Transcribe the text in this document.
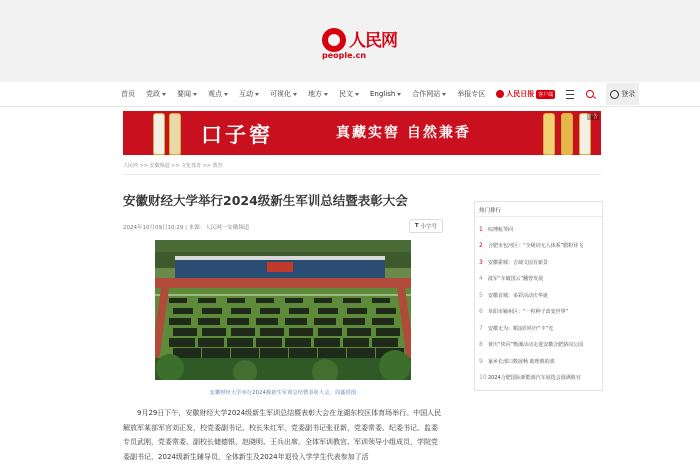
人民网
people.cn
首页 党政 要闻 观点 互动 可视化 地方 民文 English 合作网站 举报专区	人民日报 客户端	登录
口子窖	真藏实窖 自然兼香
广告
人民网 >> 安徽频道 >> 文化体育 >> 教育
安徽财经大学举行2024级新生军训总结暨表彰大会
2024年10月09日10:29 | 来源：人民网－安徽频道	T 小字号
安徽财经大学举行2024级新生军训总结暨表彰大会。周鑫供图
9月29日下午，安徽财经大学2024级新生军训总结暨表彰大会在龙湖东校区体育场举行。中国人民解放军某部军官刘正发，校党委副书记、校长朱红军，党委副书记张亚新，党委常委、纪委书记、监委专员武刚，党委常委、副校长储德银，赵晓明、王兵出席。全体军训教官、军训领导小组成员，学院党委副书记，2024级新生辅导员，全体新生及2024年退役入学学生代表参加了活
热门排行
1	综博航琴回
2	合肥市包河区：“全级词无人体系”腊粉待飞
3	安徽霍城：吉域文园有新景
4	波军“车破国云”翻曾发展
5	安徽首城：多彩活动庆华诞
6	阜阳市颍州区：“一粒种子改变世界”
7	安徽无为：稻浪织织疗“丰”光
8	黄庆“快闪”衡溪活动走进安徽合肥骆岗公园
9	家乡长部口数展畅 助理典的部
10 2024合肥国际新能源汽车展选会圆满收官
